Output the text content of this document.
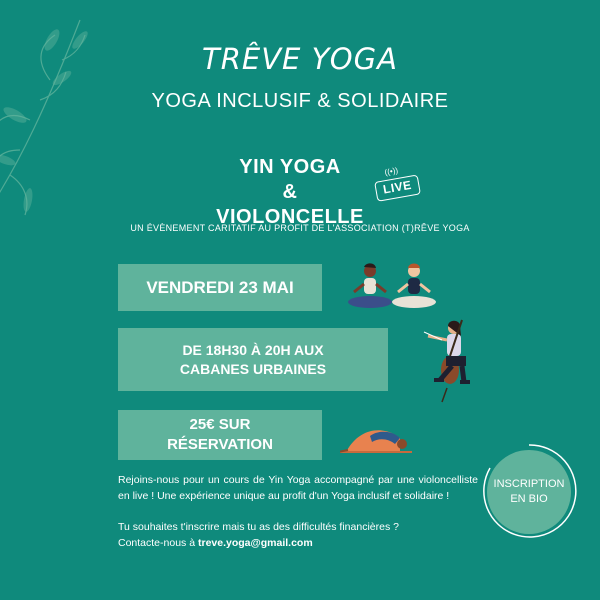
TRÊVE YOGA
YOGA INCLUSIF & SOLIDAIRE
YIN YOGA
&
VIOLONCELLE
((•))
LIVE
UN ÉVÈNEMENT CARITATIF AU PROFIT DE L'ASSOCIATION (T)RÊVE YOGA
VENDREDI 23 MAI
DE 18H30 À 20H AUX
CABANES URBAINES
25€ SUR
RÉSERVATION

Rejoins-nous pour un cours de Yin Yoga accompagné par une violoncelliste en live ! Une expérience unique au profit d'un Yoga inclusif et solidaire !

Tu souhaites t'inscrire mais tu as des difficultés financières ?
Contacte-nous à treve.yoga@gmail.com

INSCRIPTION
EN BIO
